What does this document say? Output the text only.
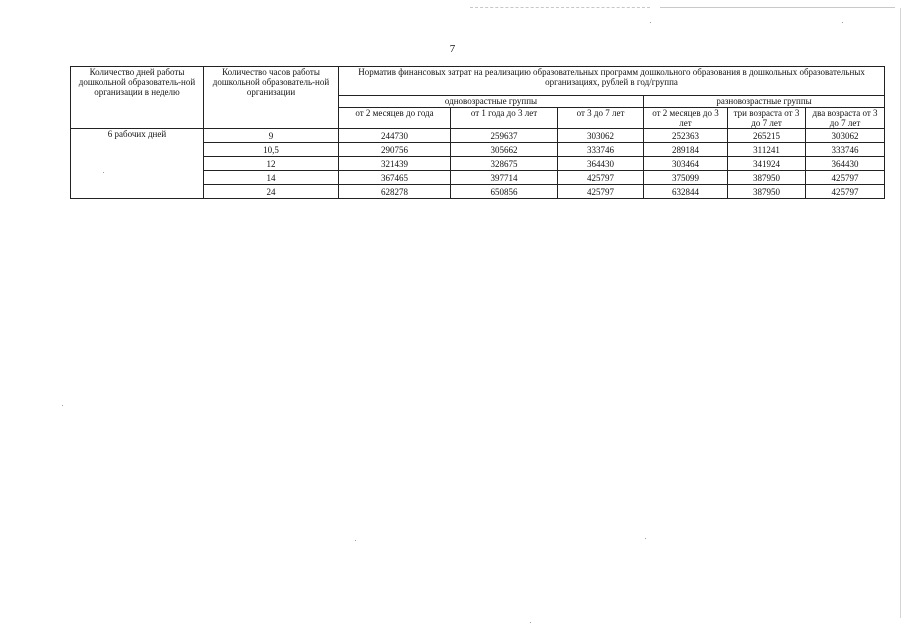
7
Количество дней работы дошкольной образователь-ной организации в неделю	Количество часов работы дошкольной образователь-ной организации	Норматив финансовых затрат на реализацию образовательных программ дошкольного образования в дошкольных образовательных организациях, рублей в год/группа					
		одновозрастные группы			разновозрастные группы		
		от 2 месяцев до года	от 1 года до 3 лет	от 3 до 7 лет	от 2 месяцев до 3 лет	три возраста от 3 до 7 лет	два возраста от 3 до 7 лет
6 рабочих дней	9	244730	259637	303062	252363	265215	303062
	10,5	290756	305662	333746	289184	311241	333746
	12	321439	328675	364430	303464	341924	364430
	14	367465	397714	425797	375099	387950	425797
	24	628278	650856	425797	632844	387950	425797
